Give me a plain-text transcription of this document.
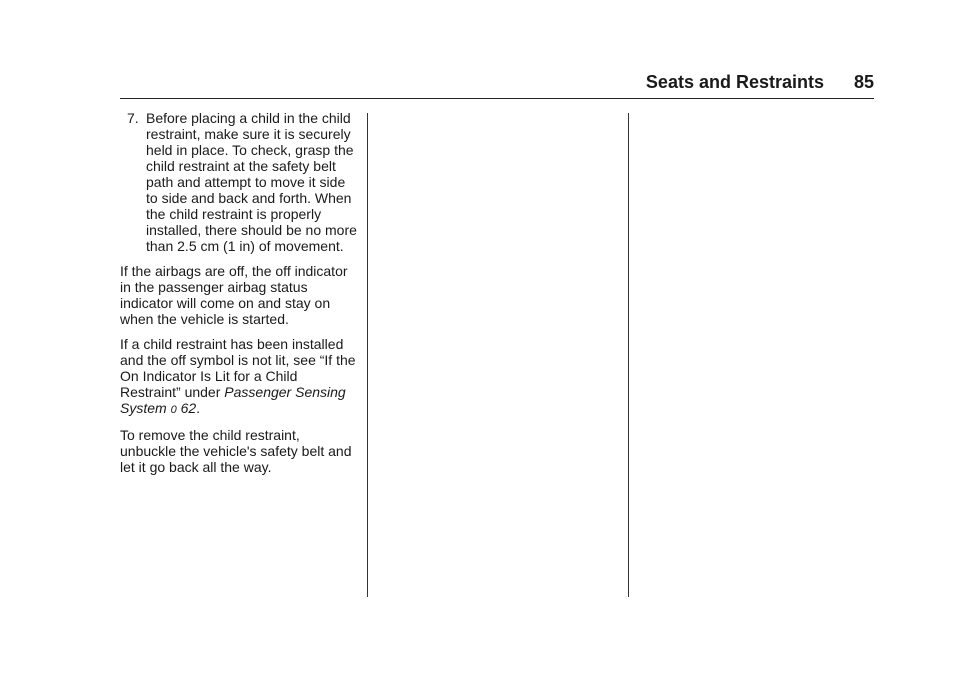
Seats and Restraints 85
7. Before placing a child in the child restraint, make sure it is securely held in place. To check, grasp the child restraint at the safety belt path and attempt to move it side to side and back and forth. When the child restraint is properly installed, there should be no more than 2.5 cm (1 in) of movement.

If the airbags are off, the off indicator in the passenger airbag status indicator will come on and stay on when the vehicle is started.

If a child restraint has been installed and the off symbol is not lit, see “If the On Indicator Is Lit for a Child Restraint” under Passenger Sensing System 0 62.

To remove the child restraint, unbuckle the vehicle's safety belt and let it go back all the way.
